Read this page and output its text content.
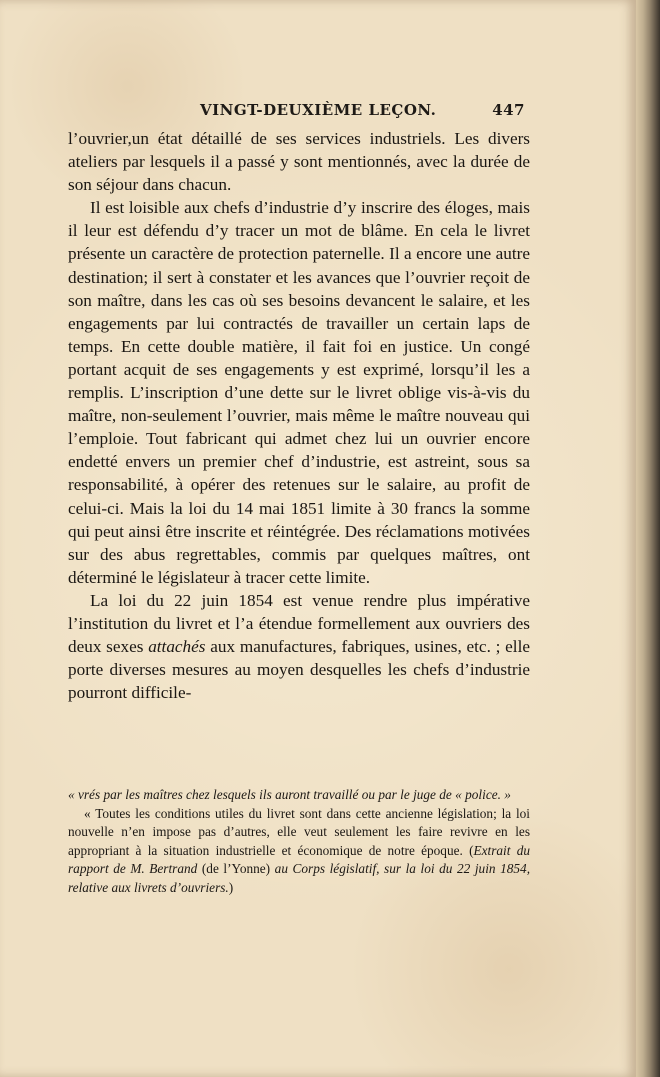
VINGT-DEUXIÈME LEÇON.	447

l’ouvrier,un état détaillé de ses services industriels. Les divers ateliers par lesquels il a passé y sont mentionnés, avec la durée de son séjour dans chacun.

Il est loisible aux chefs d’industrie d’y inscrire des éloges, mais il leur est défendu d’y tracer un mot de blâme. En cela le livret présente un caractère de protection paternelle. Il a encore une autre destination; il sert à constater et les avances que l’ouvrier reçoit de son maître, dans les cas où ses besoins devancent le salaire, et les engagements par lui contractés de travailler un certain laps de temps. En cette double matière, il fait foi en justice. Un congé portant acquit de ses engagements y est exprimé, lorsqu’il les a remplis. L’inscription d’une dette sur le livret oblige vis-à-vis du maître, non-seulement l’ouvrier, mais même le maître nouveau qui l’emploie. Tout fabricant qui admet chez lui un ouvrier encore endetté envers un premier chef d’industrie, est astreint, sous sa responsabilité, à opérer des retenues sur le salaire, au profit de celui-ci. Mais la loi du 14 mai 1851 limite à 30 francs la somme qui peut ainsi être inscrite et réintégrée. Des réclamations motivées sur des abus regrettables, commis par quelques maîtres, ont déterminé le législateur à tracer cette limite.

La loi du 22 juin 1854 est venue rendre plus impérative l’institution du livret et l’a étendue formellement aux ouvriers des deux sexes attachés aux manufactures, fabriques, usines, etc. ; elle porte diverses mesures au moyen desquelles les chefs d’industrie pourront difficile-

« vrés par les maîtres chez lesquels ils auront travaillé ou par le juge de « police. »

« Toutes les conditions utiles du livret sont dans cette ancienne législation; la loi nouvelle n’en impose pas d’autres, elle veut seulement les faire revivre en les appropriant à la situation industrielle et économique de notre époque. (Extrait du rapport de M. Bertrand (de l’Yonne) au Corps législatif, sur la loi du 22 juin 1854, relative aux livrets d’ouvriers.)
